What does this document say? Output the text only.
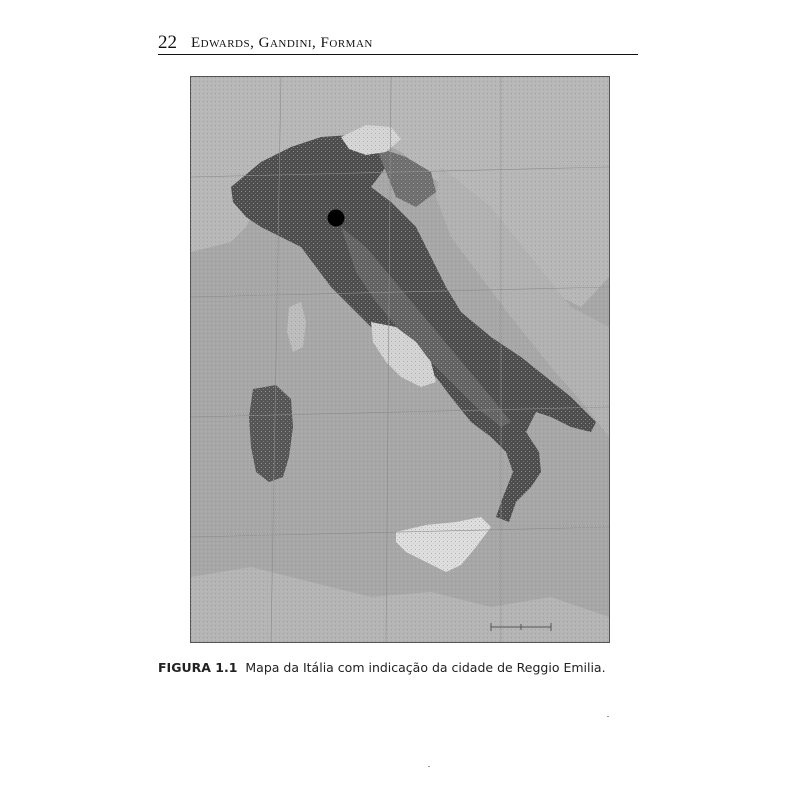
22 Edwards, Gandini, Forman
FIGURA 1.1 Mapa da Itália com indicação da cidade de Reggio Emilia.
